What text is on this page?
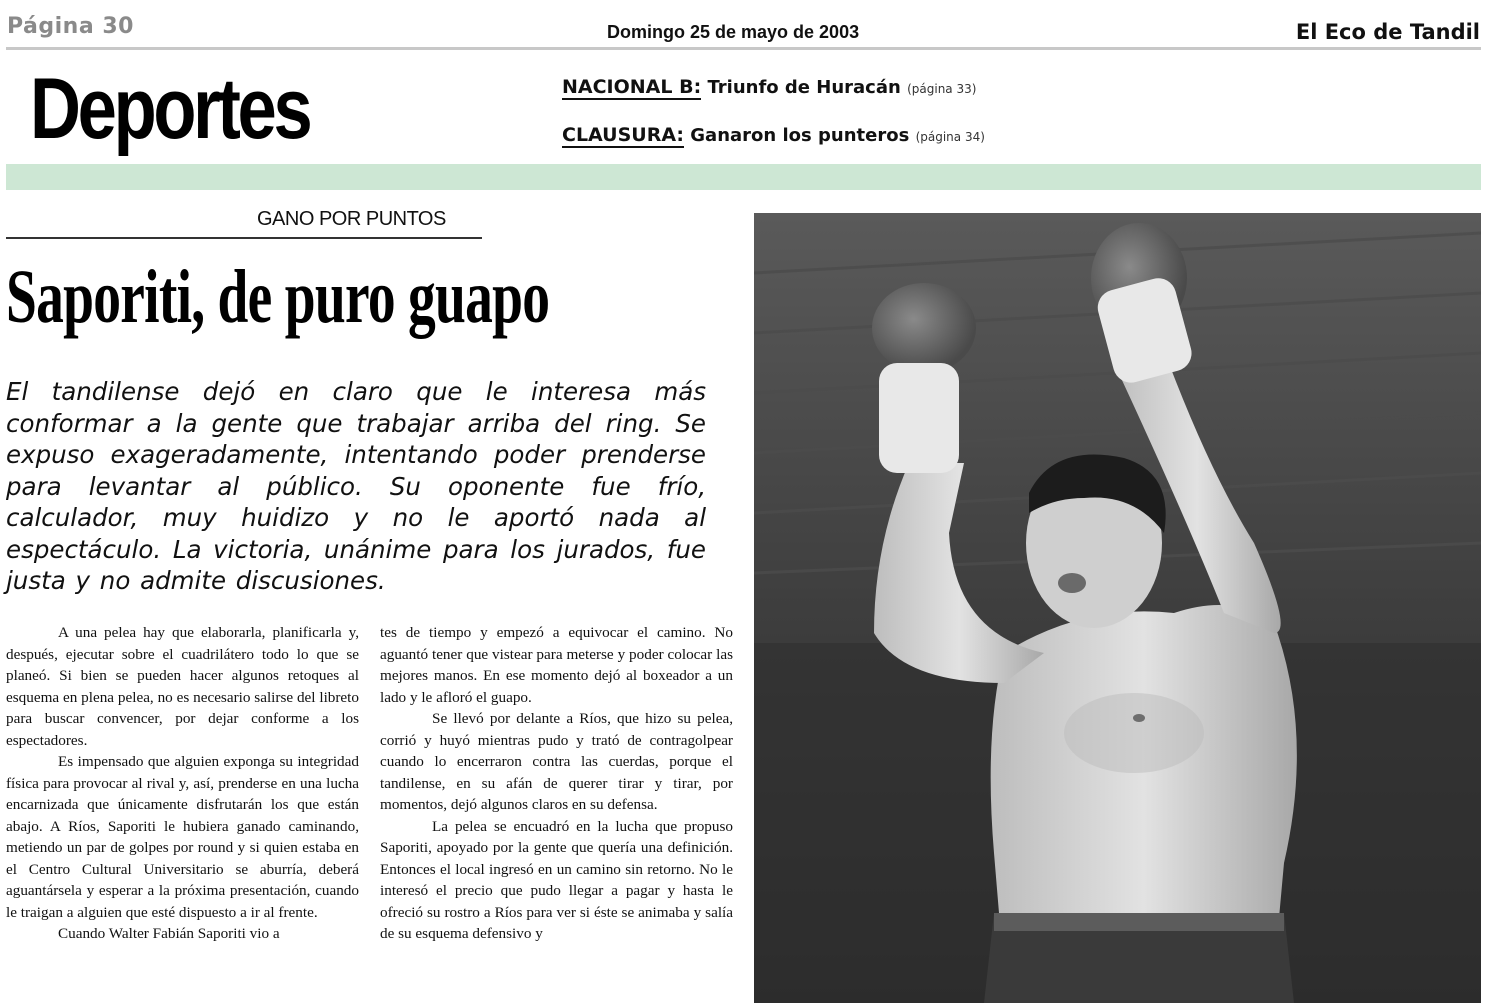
Página 30	Domingo 25 de mayo de 2003	El Eco de Tandil
Deportes	NACIONAL B: Triunfo de Huracán (página 33)
CLAUSURA: Ganaron los punteros (página 34)
GANO POR PUNTOS
Saporiti, de puro guapo
El tandilense dejó en claro que le interesa más conformar a la gente que trabajar arriba del ring. Se expuso exageradamente, intentando poder prenderse para levantar al público. Su oponente fue frío, calculador, muy huidizo y no le aportó nada al espectáculo. La victoria, unánime para los jurados, fue justa y no admite discusiones.

A una pelea hay que elaborarla, planificarla y, después, ejecutar sobre el cuadrilátero todo lo que se planeó. Si bien se pueden hacer algunos retoques al esquema en plena pelea, no es necesario salirse del libreto para buscar convencer, por dejar conforme a los espectadores.

Es impensado que alguien exponga su integridad física para provocar al rival y, así, prenderse en una lucha encarnizada que únicamente disfrutarán los que están abajo. A Ríos, Saporiti le hubiera ganado caminando, metiendo un par de golpes por round y si quien estaba en el Centro Cultural Universitario se aburría, deberá aguantársela y esperar a la próxima presentación, cuando le traigan a alguien que esté dispuesto a ir al frente.

Cuando Walter Fabián Saporiti vio a

tes de tiempo y empezó a equivocar el camino. No aguantó tener que vistear para meterse y poder colocar las mejores manos. En ese momento dejó al boxeador a un lado y le afloró el guapo.

Se llevó por delante a Ríos, que hizo su pelea, corrió y huyó mientras pudo y trató de contragolpear cuando lo encerraron contra las cuerdas, porque el tandilense, en su afán de querer tirar y tirar, por momentos, dejó algunos claros en su defensa.

La pelea se encuadró en la lucha que propuso Saporiti, apoyado por la gente que quería una definición. Entonces el local ingresó en un camino sin retorno. No le interesó el precio que pudo llegar a pagar y hasta le ofreció su rostro a Ríos para ver si éste se animaba y salía de su esquema defensivo y
